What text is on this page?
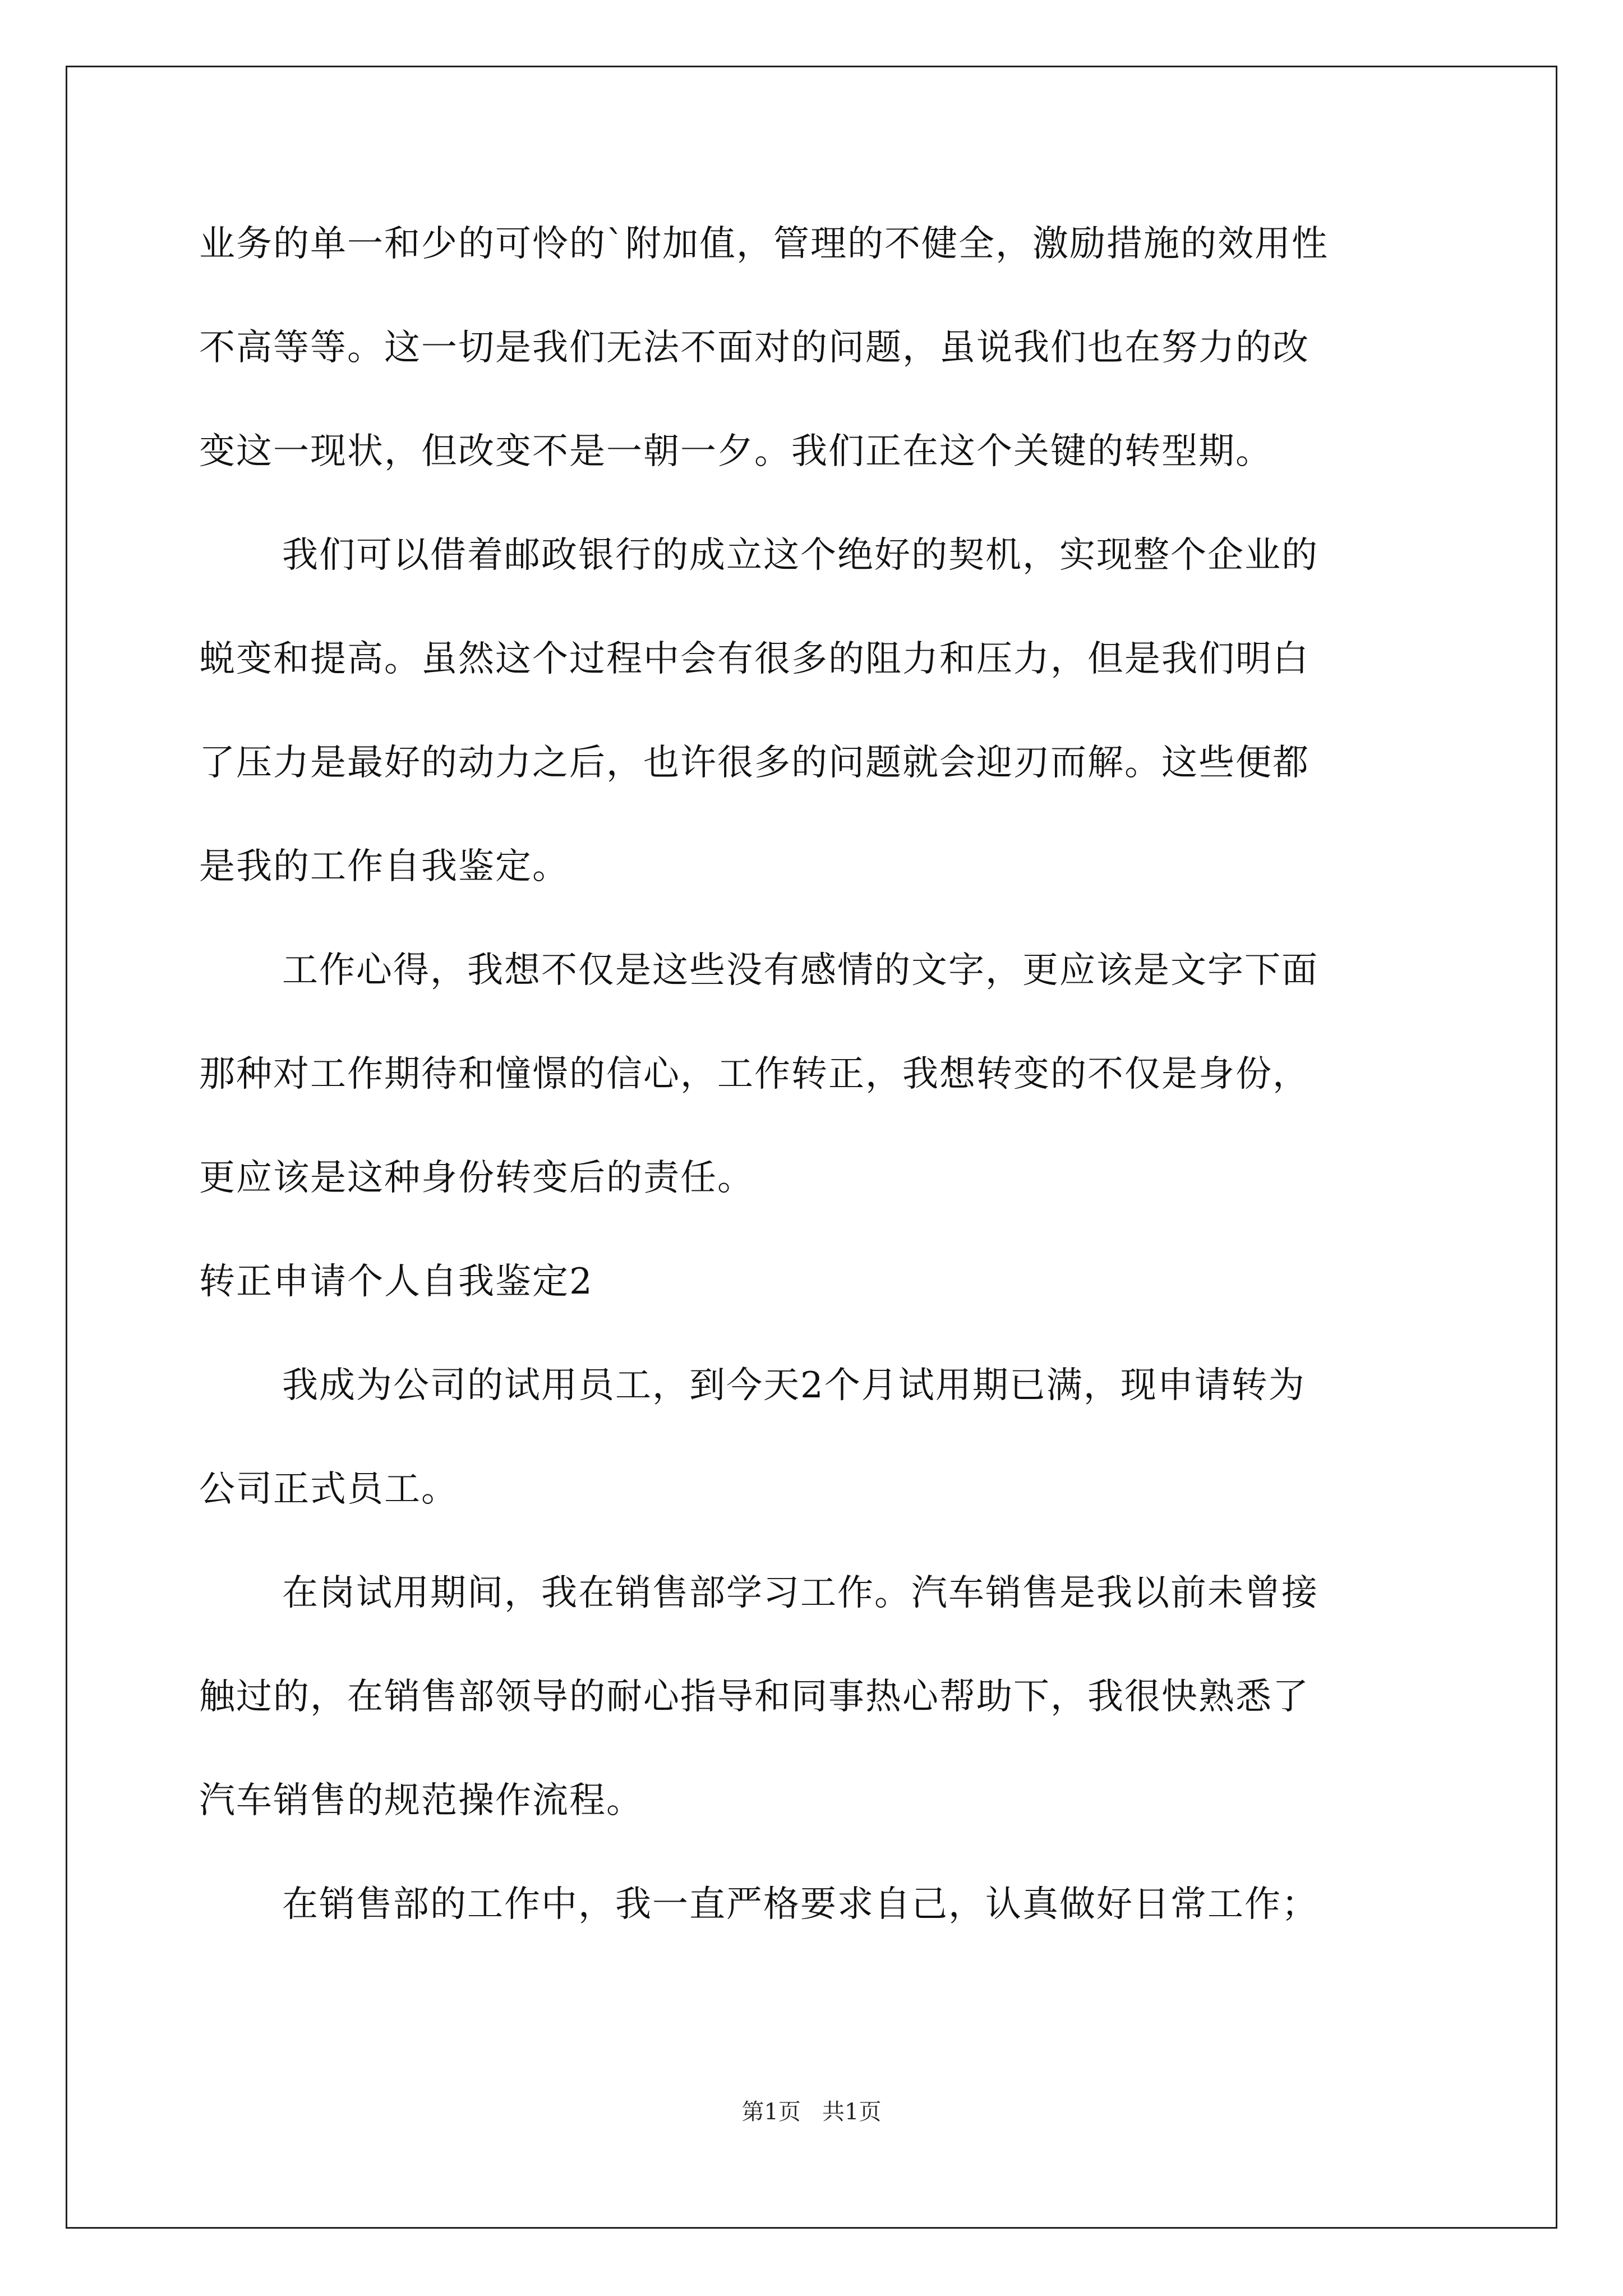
业务的单一和少的可怜的`附加值，管理的不健全，激励措施的效用性
不高等等。这一切是我们无法不面对的问题，虽说我们也在努力的改
变这一现状，但改变不是一朝一夕。我们正在这个关键的转型期。
我们可以借着邮政银行的成立这个绝好的契机，实现整个企业的
蜕变和提高。虽然这个过程中会有很多的阻力和压力，但是我们明白
了压力是最好的动力之后，也许很多的问题就会迎刃而解。这些便都
是我的工作自我鉴定。
工作心得，我想不仅是这些没有感情的文字，更应该是文字下面
那种对工作期待和憧憬的信心，工作转正，我想转变的不仅是身份，
更应该是这种身份转变后的责任。
转正申请个人自我鉴定2
我成为公司的试用员工，到今天2个月试用期已满，现申请转为
公司正式员工。
在岗试用期间，我在销售部学习工作。汽车销售是我以前未曾接
触过的，在销售部领导的耐心指导和同事热心帮助下，我很快熟悉了
汽车销售的规范操作流程。
在销售部的工作中，我一直严格要求自己，认真做好日常工作；
第1页   共1页
